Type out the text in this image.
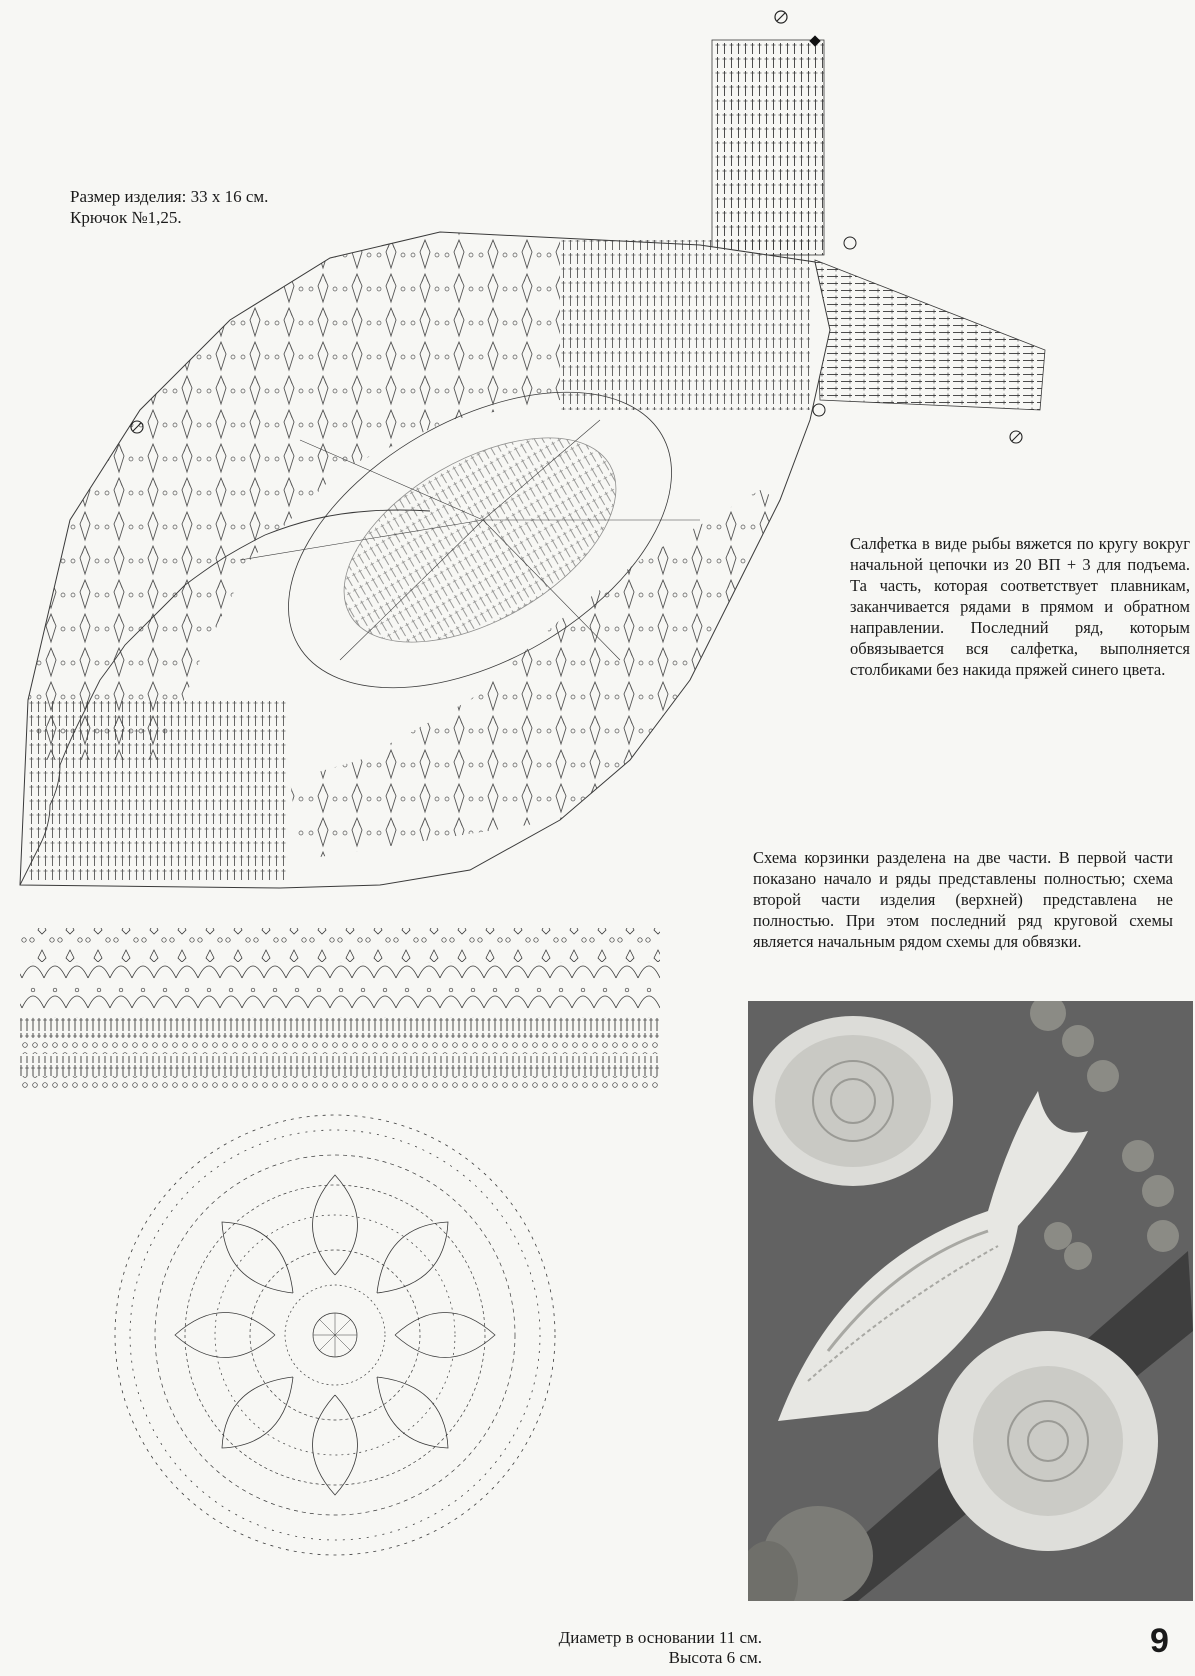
Размер изделия: 33 х 16 см.
Крючок №1,25.
Салфетка в виде рыбы вяжется по кругу вокруг начальной цепочки из 20 ВП + 3 для подъема. Та часть, которая соответствует плавникам, заканчивается рядами в прямом и обратном направлении. Последний ряд, которым обвязывается вся салфетка, выполняется столбиками без накида пряжей синего цвета.
Схема корзинки разделена на две части. В первой части показано начало и ряды представлены полностью; схема второй части изделия (верхней) представлена не полностью. При этом последний ряд круговой схемы является начальным рядом схемы для обвязки.
Диаметр в основании 11 см.
Высота 6 см.	9
